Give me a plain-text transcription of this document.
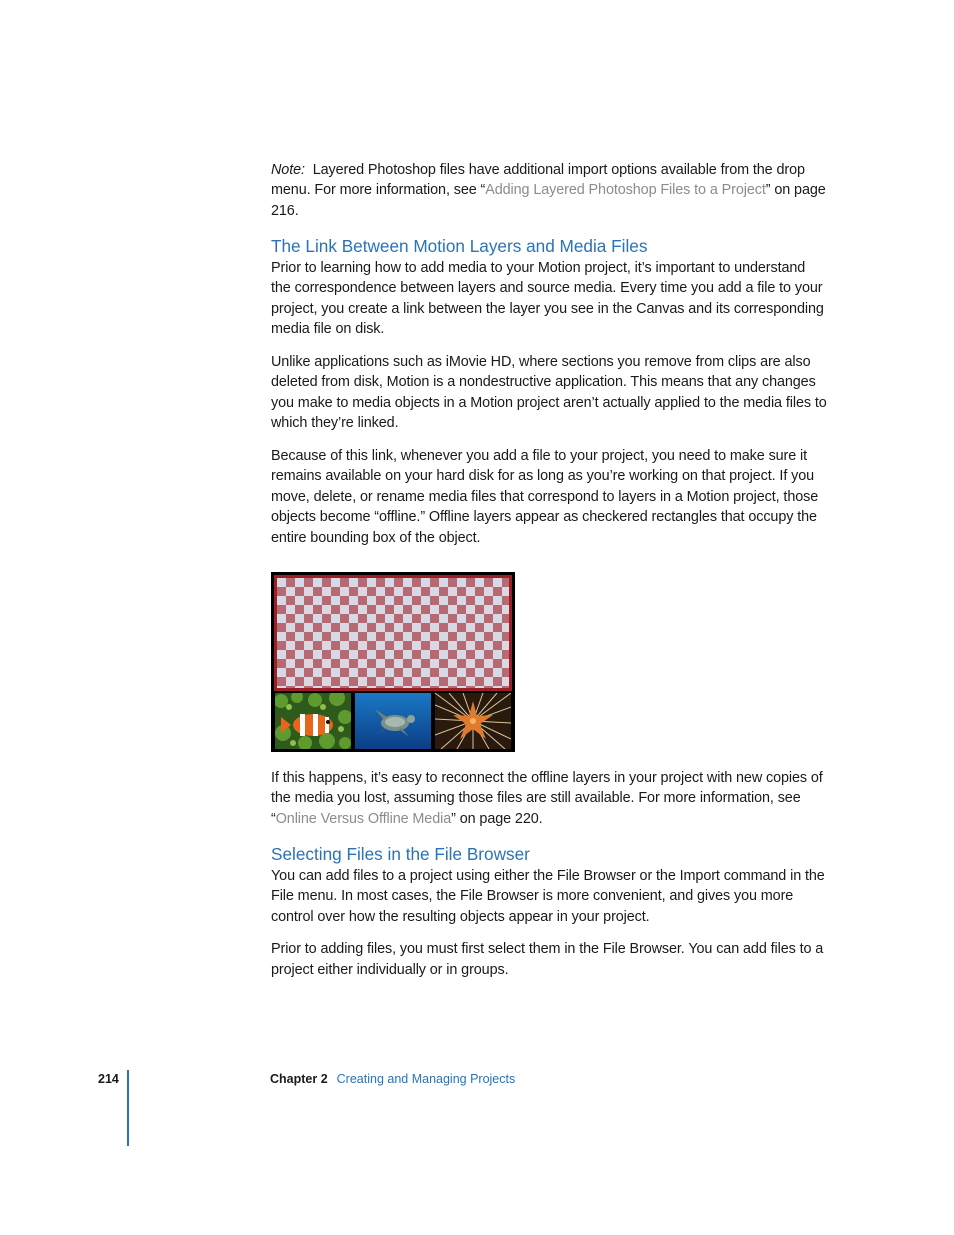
Note: Layered Photoshop files have additional import options available from the drop menu. For more information, see “Adding Layered Photoshop Files to a Project” on page 216.

The Link Between Motion Layers and Media Files

Prior to learning how to add media to your Motion project, it’s important to understand the correspondence between layers and source media. Every time you add a file to your project, you create a link between the layer you see in the Canvas and its corresponding media file on disk.

Unlike applications such as iMovie HD, where sections you remove from clips are also deleted from disk, Motion is a nondestructive application. This means that any changes you make to media objects in a Motion project aren’t actually applied to the media files to which they’re linked.

Because of this link, whenever you add a file to your project, you need to make sure it remains available on your hard disk for as long as you’re working on that project. If you move, delete, or rename media files that correspond to layers in a Motion project, those objects become “offline.” Offline layers appear as checkered rectangles that occupy the entire bounding box of the object.

If this happens, it’s easy to reconnect the offline layers in your project with new copies of the media you lost, assuming those files are still available. For more information, see “Online Versus Offline Media” on page 220.

Selecting Files in the File Browser

You can add files to a project using either the File Browser or the Import command in the File menu. In most cases, the File Browser is more convenient, and gives you more control over how the resulting objects appear in your project.

Prior to adding files, you must first select them in the File Browser. You can add files to a project either individually or in groups.

214	Chapter 2 Creating and Managing Projects
